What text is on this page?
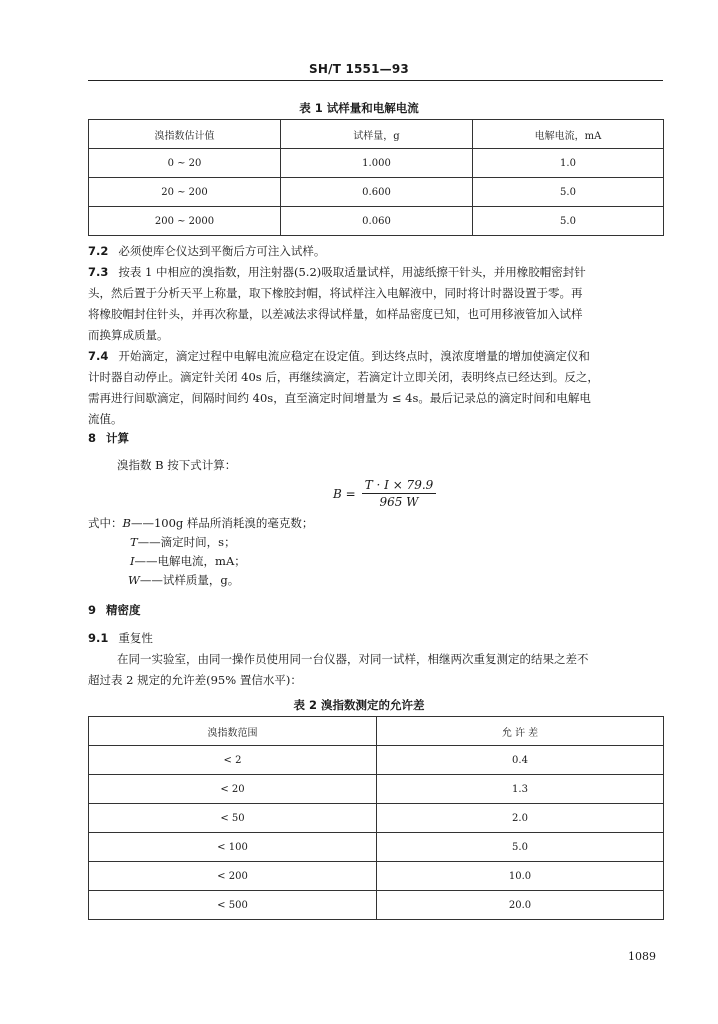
SH/T 1551—93
表 1 试样量和电解电流
溴指数估计值	试样量，g	电解电流，mA
0 ~ 20	1.000	1.0
20 ~ 200	0.600	5.0
200 ~ 2000	0.060	5.0
7.2 必须使库仑仪达到平衡后方可注入试样。
7.3 按表 1 中相应的溴指数，用注射器(5.2)吸取适量试样，用滤纸擦干针头，并用橡胶帽密封针
头，然后置于分析天平上称量，取下橡胶封帽，将试样注入电解液中，同时将计时器设置于零。再
将橡胶帽封住针头，并再次称量，以差减法求得试样量，如样品密度已知，也可用移液管加入试样
而换算成质量。
7.4 开始滴定，滴定过程中电解电流应稳定在设定值。到达终点时，溴浓度增量的增加使滴定仪和
计时器自动停止。滴定针关闭 40s 后，再继续滴定，若滴定计立即关闭，表明终点已经达到。反之，
需再进行间歇滴定，间隔时间约 40s，直至滴定时间增量为 ≤ 4s。最后记录总的滴定时间和电解电
流值。
8 计算
溴指数 B 按下式计算：
$B = \frac{T \cdot I \times 79.9}{965 W}$
式中：B——100g 样品所消耗溴的毫克数；
T——滴定时间，s；
I——电解电流，mA；
W——试样质量，g。
9 精密度
9.1 重复性
在同一实验室，由同一操作员使用同一台仪器，对同一试样，相继两次重复测定的结果之差不
超过表 2 规定的允许差(95% 置信水平)：
表 2 溴指数测定的允许差
溴指数范围	允 许 差
< 2	0.4
< 20	1.3
< 50	2.0
< 100	5.0
< 200	10.0
< 500	20.0
1089
